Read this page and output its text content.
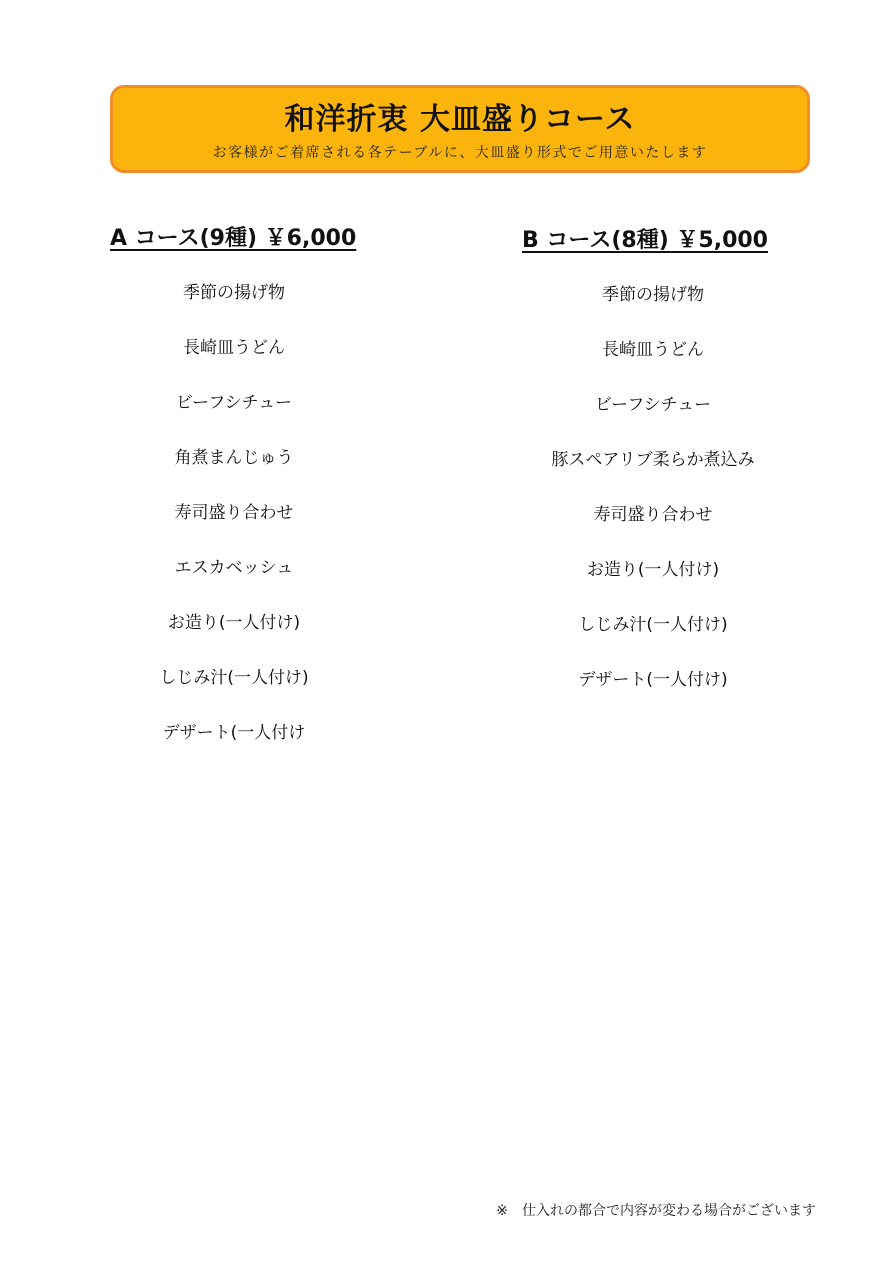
和洋折衷 大皿盛りコース
お客様がご着席される各テーブルに、大皿盛り形式でご用意いたします
A コース(9種) ￥6,000
季節の揚げ物
長崎皿うどん
ビーフシチュー
角煮まんじゅう
寿司盛り合わせ
エスカベッシュ
お造り(一人付け)
しじみ汁(一人付け)
デザート(一人付け
B コース(8種) ￥5,000
季節の揚げ物
長崎皿うどん
ビーフシチュー
豚スペアリブ柔らか煮込み
寿司盛り合わせ
お造り(一人付け)
しじみ汁(一人付け)
デザート(一人付け)
※　仕入れの都合で内容が変わる場合がございます
